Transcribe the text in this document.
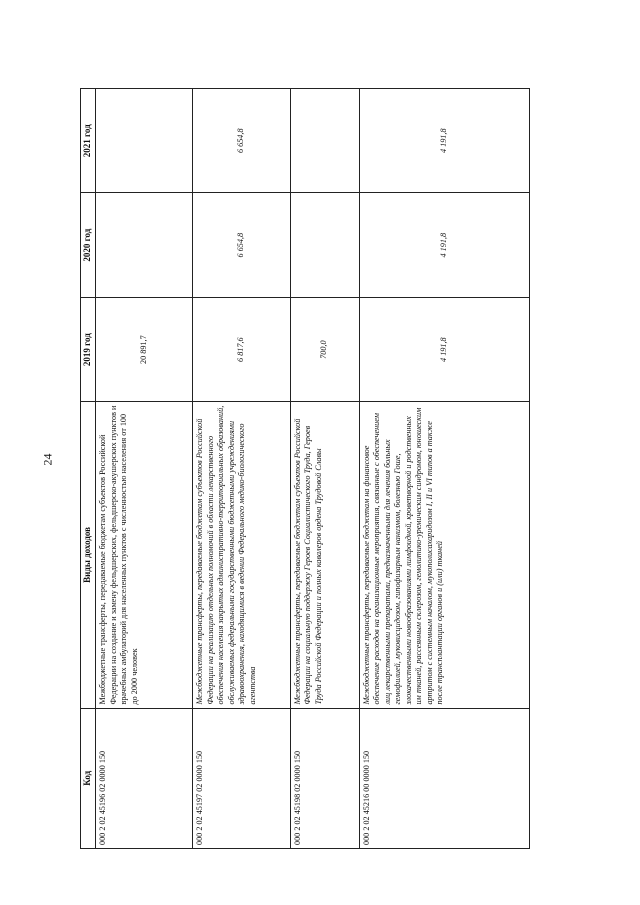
24
Код	Виды доходов	2019 год	2020 год	2021 год
000 2 02 45196 02 0000 150	Межбюджетные трансферты, передаваемые бюджетам субъектов Российской Федерации на создание и замену фельдшерских, фельдшерско-акушерских пунктов и врачебных амбулаторий для населенных пунктов с численностью населения от 100 до 2000 человек	20 891,7		
000 2 02 45197 02 0000 150	Межбюджетные трансферты, передаваемые бюджетам субъектов Российской Федерации на реализацию отдельных полномочий в области лекарственного обеспечения населения закрытых административно-территориальных образований, обслуживаемых федеральными государственными бюджетными учреждениями здравоохранения, находящимися в ведении Федерального медико-биологического агентства	6 817,6	6 654,8	6 654,8
000 2 02 45198 02 0000 150	Межбюджетные трансферты, передаваемые бюджетам субъектов Российской Федерации на социальную поддержку Героев Социалистического Труда, Героев Труда Российской Федерации и полных кавалеров ордена Трудовой Славы	700,0		
000 2 02 45216 00 0000 150	Межбюджетные трансферты, передаваемые бюджетам на финансовое обеспечение расходов на организационные мероприятия, связанные с обеспечением лиц лекарственными препаратами, предназначенными для лечения больных гемофилией, муковисцидозом, гипофизарным нанизмом, болезнью Гоше, злокачественными новообразованиями лимфоидной, кроветворной и родственных им тканей, рассеянным склерозом, гемолитико-уремическим синдромом, юношеским артритом с системным началом, мукополисахаридозом I, II и VI типов а также после трансплантации органов и (или) тканей	4 191,8	4 191,8	4 191,8
